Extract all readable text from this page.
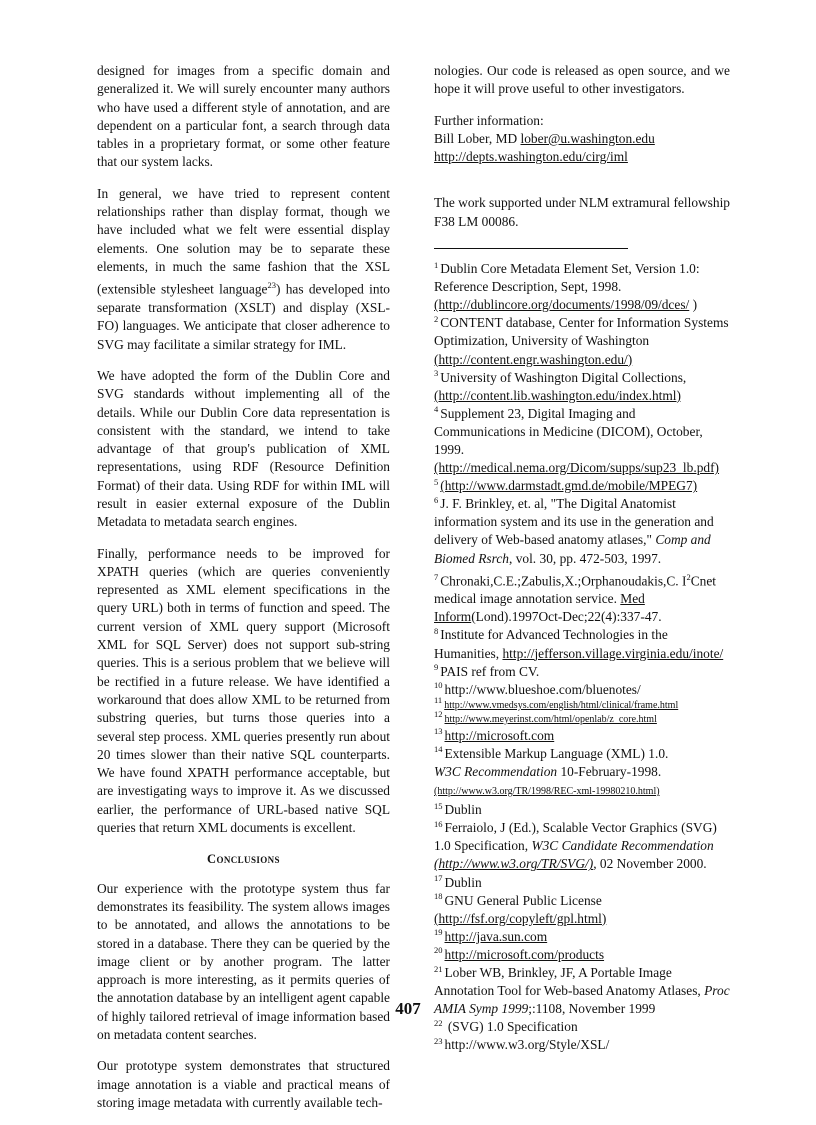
designed for images from a specific domain and generalized it. We will surely encounter many authors who have used a different style of annotation, and are dependent on a particular font, a search through data tables in a proprietary format, or some other feature that our system lacks.

In general, we have tried to represent content relationships rather than display format, though we have included what we felt were essential display elements. One solution may be to separate these elements, in much the same fashion that the XSL (extensible stylesheet language$^{23}$) has developed into separate transformation (XSLT) and display (XSL-FO) languages. We anticipate that closer adherence to SVG may facilitate a similar strategy for IML.

We have adopted the form of the Dublin Core and SVG standards without implementing all of the details. While our Dublin Core data representation is consistent with the standard, we intend to take advantage of that group's publication of XML representations, using RDF (Resource Definition Format) of their data. Using RDF for within IML will result in easier external exposure of the Dublin Metadata to metadata search engines.

Finally, performance needs to be improved for XPATH queries (which are queries conveniently represented as XML element specifications in the query URL) both in terms of function and speed. The current version of XML query support (Microsoft XML for SQL Server) does not support sub-string queries. This is a serious problem that we believe will be rectified in a future release. We have identified a workaround that does allow XML to be returned from substring queries, but turns those queries into a several step process. XML queries presently run about 20 times slower than their native SQL counterparts. We have found XPATH performance acceptable, but are investigating ways to improve it. As we discussed earlier, the performance of URL-based native SQL queries that return XML documents is excellent.

Conclusions

Our experience with the prototype system thus far demonstrates its feasibility. The system allows images to be annotated, and allows the annotations to be stored in a database. There they can be queried by the image client or by another program. The latter approach is more interesting, as it permits queries of the annotation database by an intelligent agent capable of highly tailored retrieval of image information based on metadata content searches.

Our prototype system demonstrates that structured image annotation is a viable and practical means of storing image metadata with currently available tech-

nologies. Our code is released as open source, and we hope it will prove useful to other investigators.

Further information:

Bill Lober, MD lober@u.washington.edu

http://depts.washington.edu/cirg/iml

The work supported under NLM extramural fellowship F38 LM 00086.

$^1$ Dublin Core Metadata Element Set, Version 1.0: Reference Description, Sept, 1998.
(http://dublincore.org/documents/1998/09/dces/ )

$^2$ CONTENT database, Center for Information Systems Optimization, University of Washington
(http://content.engr.washington.edu/)

$^3$ University of Washington Digital Collections,
(http://content.lib.washington.edu/index.html)

$^4$ Supplement 23, Digital Imaging and Communications in Medicine (DICOM), October, 1999.
(http://medical.nema.org/Dicom/supps/sup23_lb.pdf)

$^5$ (http://www.darmstadt.gmd.de/mobile/MPEG7)

$^6$ J. F. Brinkley, et. al, "The Digital Anatomist information system and its use in the generation and delivery of Web-based anatomy atlases," Comp and Biomed Rsrch, vol. 30, pp. 472-503, 1997.

$^7$ Chronaki,C.E.;Zabulis,X.;Orphanoudakis,C. $I^2Cnet$ medical image annotation service. Med Inform(Lond).1997Oct-Dec;22(4):337-47.

$^8$ Institute for Advanced Technologies in the Humanities, http://jefferson.village.virginia.edu/inote/

$^9$ PAIS ref from CV.

$^{10}$ http://www.blueshoe.com/bluenotes/

$^{11}$ http://www.vmedsys.com/english/html/clinical/frame.html

$^{12}$ http://www.meyerinst.com/html/openlab/z_core.html

$^{13}$ http://microsoft.com

$^{14}$ Extensible Markup Language (XML) 1.0.
W3C Recommendation 10-February-1998.
(http://www.w3.org/TR/1998/REC-xml-19980210.html)

$^{15}$ Dublin

$^{16}$ Ferraiolo, J (Ed.), Scalable Vector Graphics (SVG) 1.0 Specification, W3C Candidate Recommendation (http://www.w3.org/TR/SVG/), 02 November 2000.

$^{17}$ Dublin

$^{18}$ GNU General Public License
(http://fsf.org/copyleft/gpl.html)

$^{19}$ http://java.sun.com

$^{20}$ http://microsoft.com/products

$^{21}$ Lober WB, Brinkley, JF, A Portable Image Annotation Tool for Web-based Anatomy Atlases, Proc AMIA Symp 1999;:1108, November 1999

$^{22}$ (SVG) 1.0 Specification

$^{23}$ http://www.w3.org/Style/XSL/

407
